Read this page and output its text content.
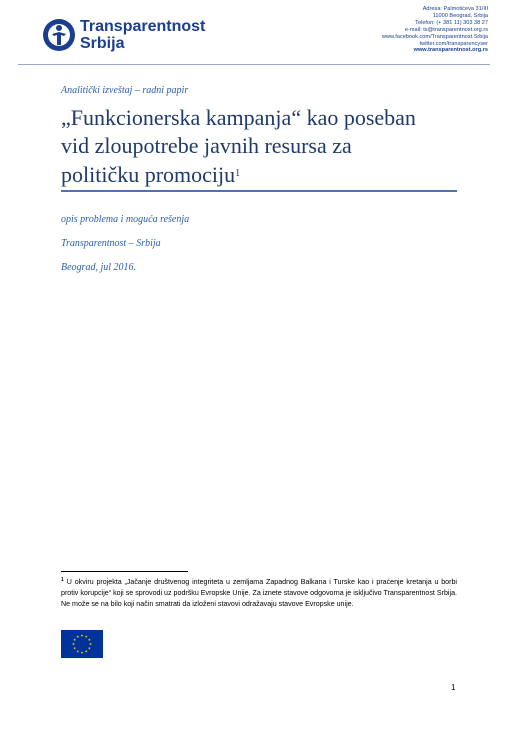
Transparentnost
Srbija
Adresa: Palmotićeva 31/III
11000 Beograd, Srbija
Telefon: (+ 381 11) 303 38 27
e-mail: ts@transparentnost.org.rs
www.facebook.com/Transparentnost.Srbija
twitter.com/transparencyser
www.transparentnost.org.rs
Analitički izveštaj – radni papir
„Funkcionerska kampanja“ kao poseban
vid zloupotrebe javnih resursa za
političku promociju$^1$
opis problema i moguća rešenja
Transparentnost – Srbija
Beograd, jul 2016.
$^1$ U okviru projekta „Jačanje društvenog integriteta u zemljama Zapadnog Balkana i Turske kao i praćenje kretanja u borbi protiv korupcije“ koji se sprovodi uz podršku Evropske Unije. Za iznete stavove odgovorna je isključivo Transparentnost Srbija. Ne može se na bilo koji način smatrati da izloženi stavovi odražavaju stavove Evropske unije.
.
1
